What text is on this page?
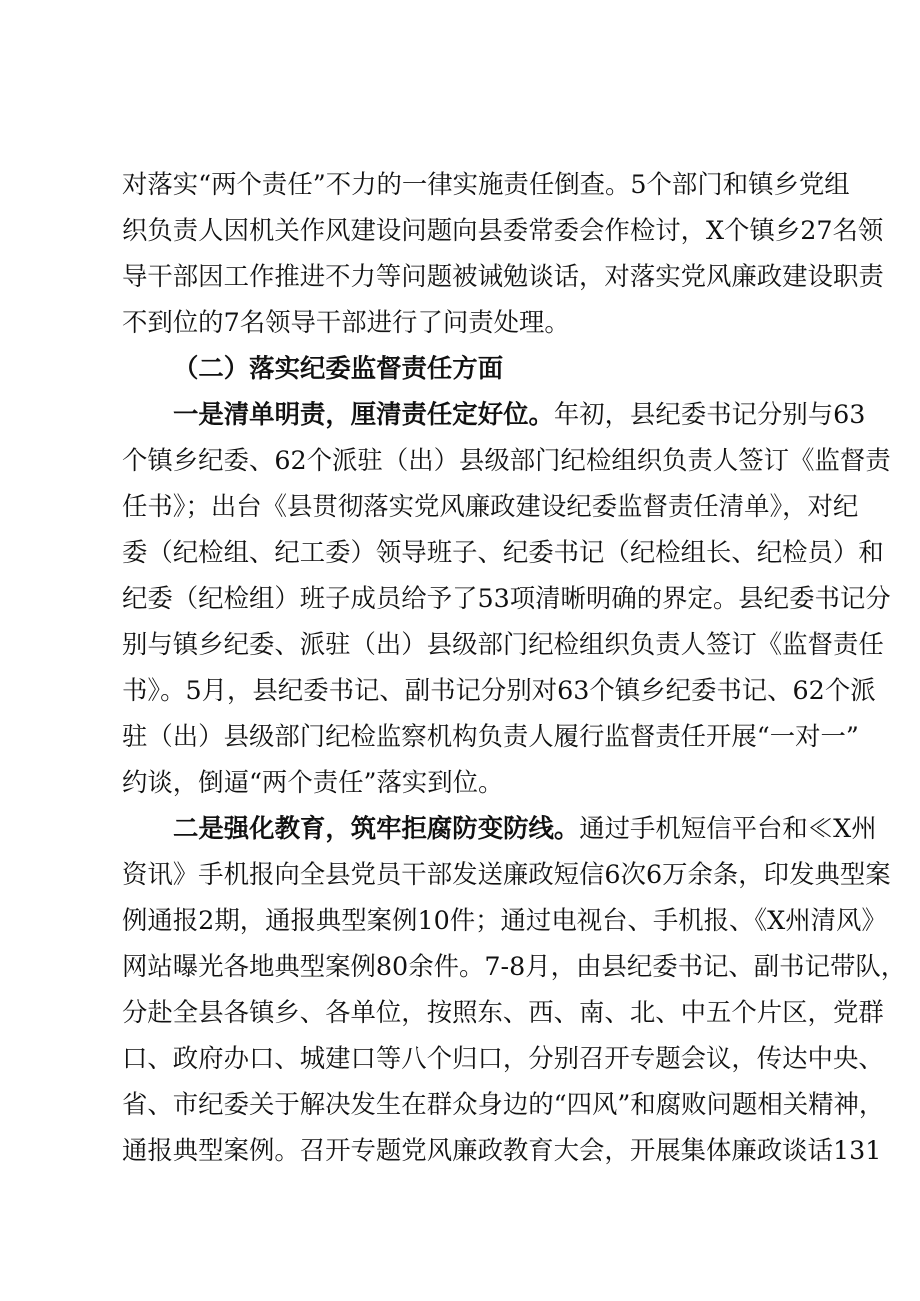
对落实“两个责任”不力的一律实施责任倒查。5个部门和镇乡党组
织负责人因机关作风建设问题向县委常委会作检讨，X个镇乡27名领
导干部因工作推进不力等问题被诫勉谈话，对落实党风廉政建设职责
不到位的7名领导干部进行了问责处理。
（二）落实纪委监督责任方面
一是清单明责，厘清责任定好位。年初，县纪委书记分别与63
个镇乡纪委、62个派驻（出）县级部门纪检组织负责人签订《监督责
任书》；出台《县贯彻落实党风廉政建设纪委监督责任清单》，对纪
委（纪检组、纪工委）领导班子、纪委书记（纪检组长、纪检员）和
纪委（纪检组）班子成员给予了53项清晰明确的界定。县纪委书记分
别与镇乡纪委、派驻（出）县级部门纪检组织负责人签订《监督责任
书》。5月，县纪委书记、副书记分别对63个镇乡纪委书记、62个派
驻（出）县级部门纪检监察机构负责人履行监督责任开展“一对一”
约谈，倒逼“两个责任”落实到位。
二是强化教育，筑牢拒腐防变防线。通过手机短信平台和≪X州
资讯》手机报向全县党员干部发送廉政短信6次6万余条，印发典型案
例通报2期，通报典型案例10件；通过电视台、手机报、《X州清风》
网站曝光各地典型案例80余件。7-8月，由县纪委书记、副书记带队，
分赴全县各镇乡、各单位，按照东、西、南、北、中五个片区，党群
口、政府办口、城建口等八个归口，分别召开专题会议，传达中央、
省、市纪委关于解决发生在群众身边的“四风”和腐败问题相关精神，
通报典型案例。召开专题党风廉政教育大会，开展集体廉政谈话131
